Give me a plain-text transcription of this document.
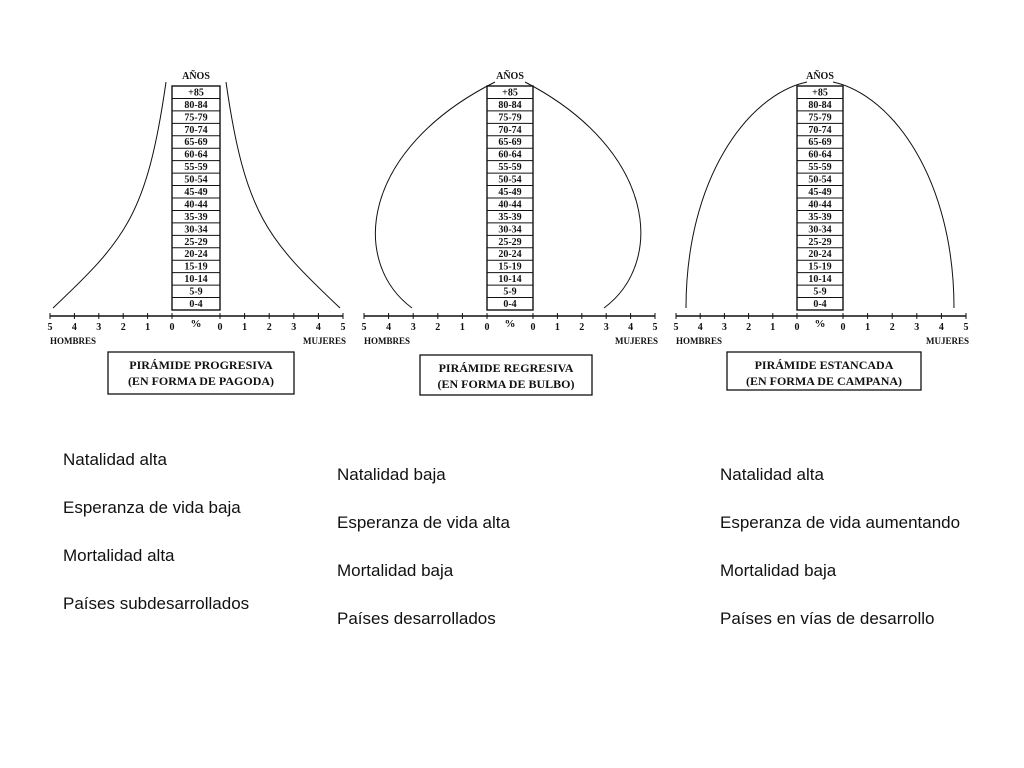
+85
80-84
75-79
70-74
65-69
60-64
55-59
50-54
45-49
40-44
35-39
30-34
25-29
20-24
15-19
10-14
5-9
0-4
AÑOS
5 4 3 2 1 0	0 1 2 3 4 5
%
HOMBRES	MUJERES
PIRÁMIDE PROGRESIVA
(EN FORMA DE PAGODA)
+85
80-84
75-79
70-74
65-69
60-64
55-59
50-54
45-49
40-44
35-39
30-34
25-29
20-24
15-19
10-14
5-9
0-4
AÑOS
5 4 3 2 1 0	0 1 2 3 4 5
%
HOMBRES	MUJERES
PIRÁMIDE REGRESIVA
(EN FORMA DE BULBO)
+85
80-84
75-79
70-74
65-69
60-64
55-59
50-54
45-49
40-44
35-39
30-34
25-29
20-24
15-19
10-14
5-9
0-4
AÑOS
5 4 3 2 1 0	0 1 2 3 4 5
%
HOMBRES	MUJERES
PIRÁMIDE ESTANCADA
(EN FORMA DE CAMPANA)
Natalidad alta
Esperanza de vida baja
Mortalidad alta
Países subdesarrollados
Natalidad baja
Esperanza de vida alta
Mortalidad baja
Países desarrollados
Natalidad alta
Esperanza de vida aumentando
Mortalidad baja
Países en vías de desarrollo
